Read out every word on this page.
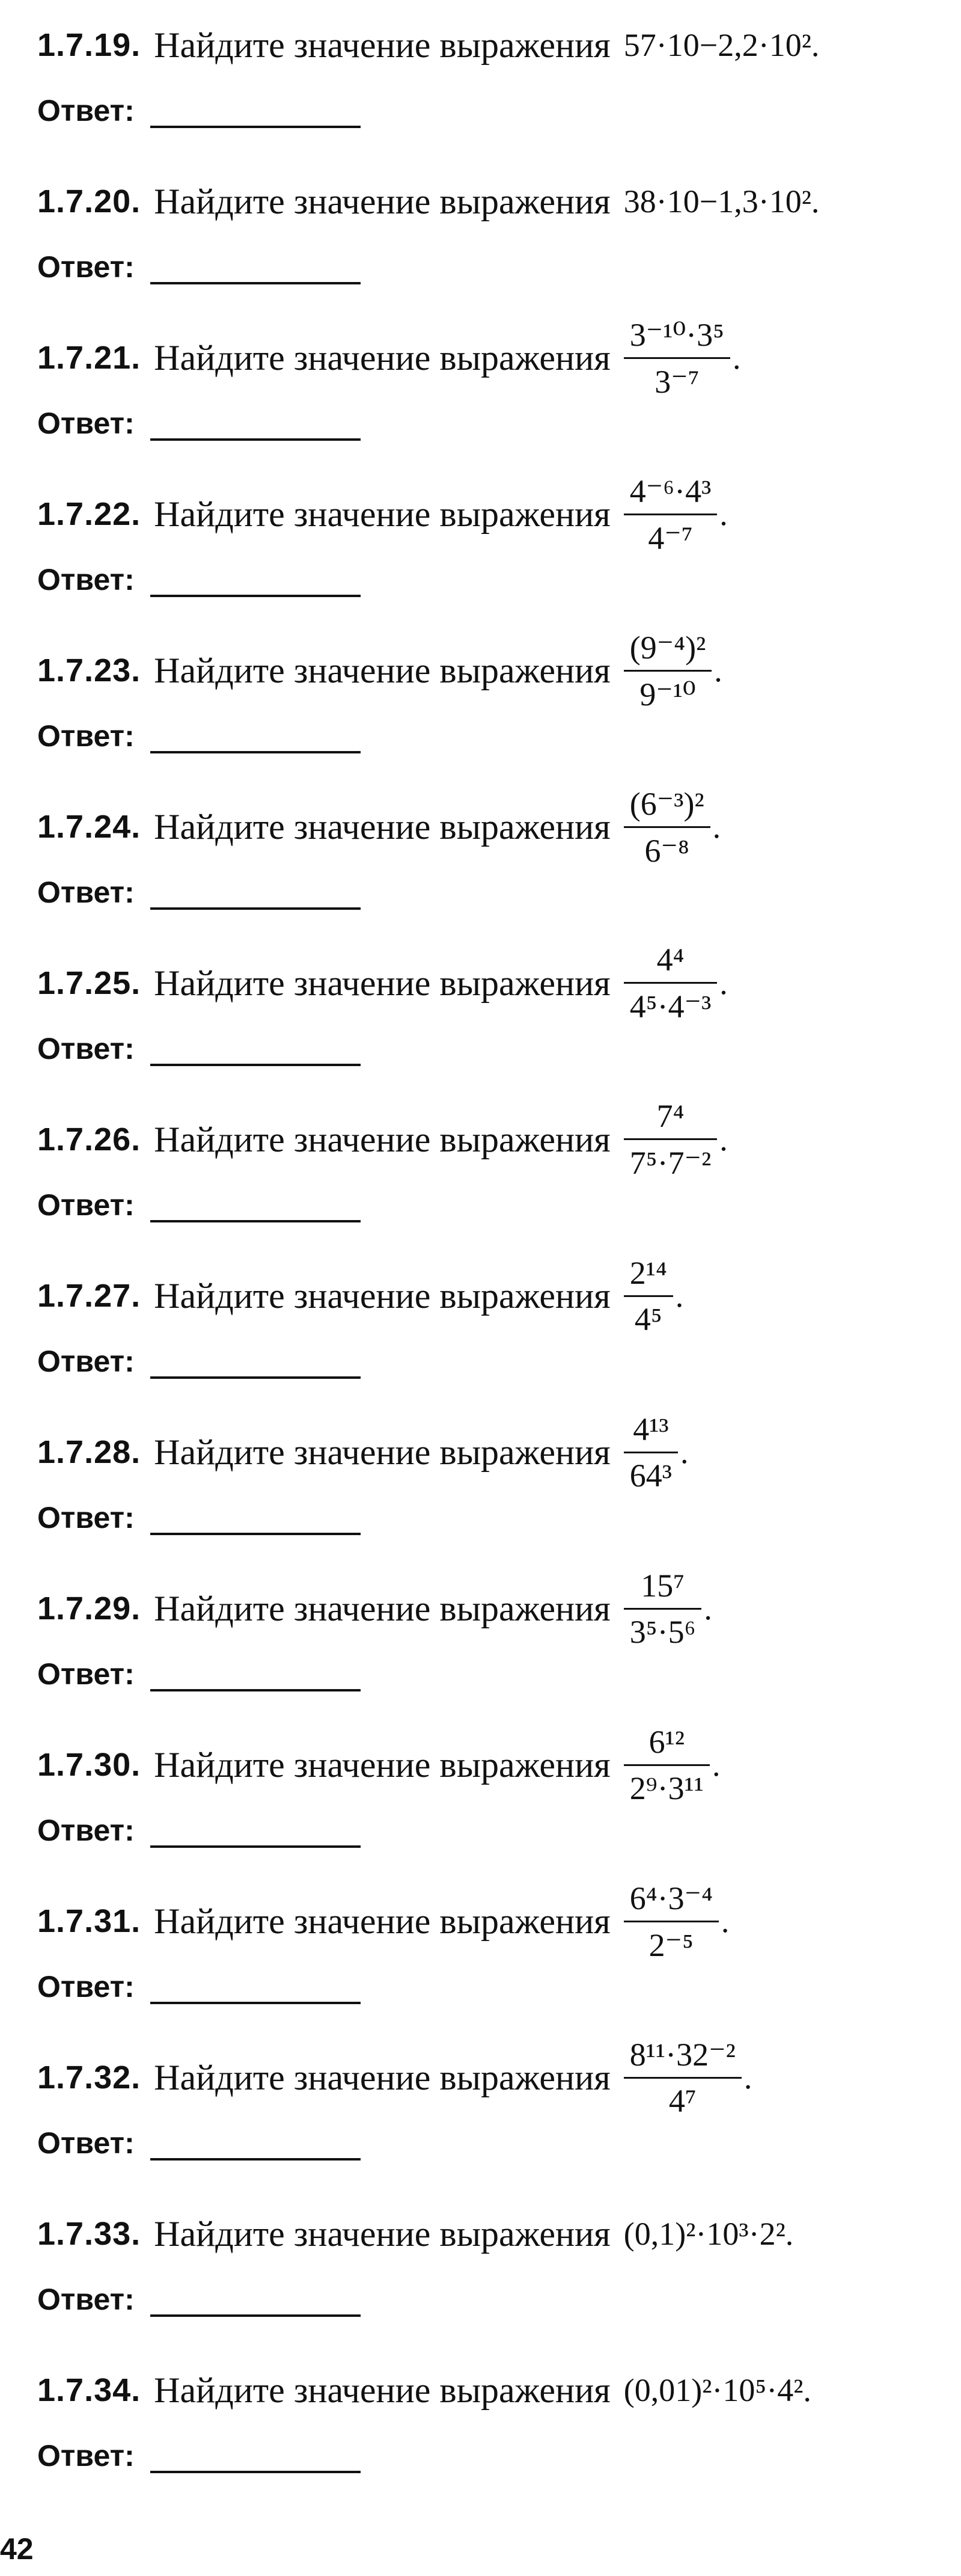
1.7.19. Найдите значение выражения 57·10−2,2·10².
Ответ:
1.7.20. Найдите значение выражения 38·10−1,3·10².
Ответ:
1.7.21. Найдите значение выражения $\frac{\text{3⁻¹⁰·3⁵}}{\text{3⁻⁷}}$ .
Ответ:
1.7.22. Найдите значение выражения $\frac{\text{4⁻⁶·4³}}{\text{4⁻⁷}}$ .
Ответ:
1.7.23. Найдите значение выражения $\frac{\text{(9⁻⁴)²}}{\text{9⁻¹⁰}}$ .
Ответ:
1.7.24. Найдите значение выражения $\frac{\text{(6⁻³)²}}{\text{6⁻⁸}}$ .
Ответ:
1.7.25. Найдите значение выражения $\frac{\text{4⁴}}{\text{4⁵·4⁻³}}$ .
Ответ:
1.7.26. Найдите значение выражения $\frac{\text{7⁴}}{\text{7⁵·7⁻²}}$ .
Ответ:
1.7.27. Найдите значение выражения $\frac{\text{2¹⁴}}{\text{4⁵}}$ .
Ответ:
1.7.28. Найдите значение выражения $\frac{\text{4¹³}}{\text{64³}}$ .
Ответ:
1.7.29. Найдите значение выражения $\frac{\text{15⁷}}{\text{3⁵·5⁶}}$ .
Ответ:
1.7.30. Найдите значение выражения $\frac{\text{6¹²}}{\text{2⁹·3¹¹}}$ .
Ответ:
1.7.31. Найдите значение выражения $\frac{\text{6⁴·3⁻⁴}}{\text{2⁻⁵}}$ .
Ответ:
1.7.32. Найдите значение выражения $\frac{\text{8¹¹·32⁻²}}{\text{4⁷}}$ .
Ответ:
1.7.33. Найдите значение выражения (0,1)²·10³·2².
Ответ:
1.7.34. Найдите значение выражения (0,01)²·10⁵·4².
Ответ:
42
